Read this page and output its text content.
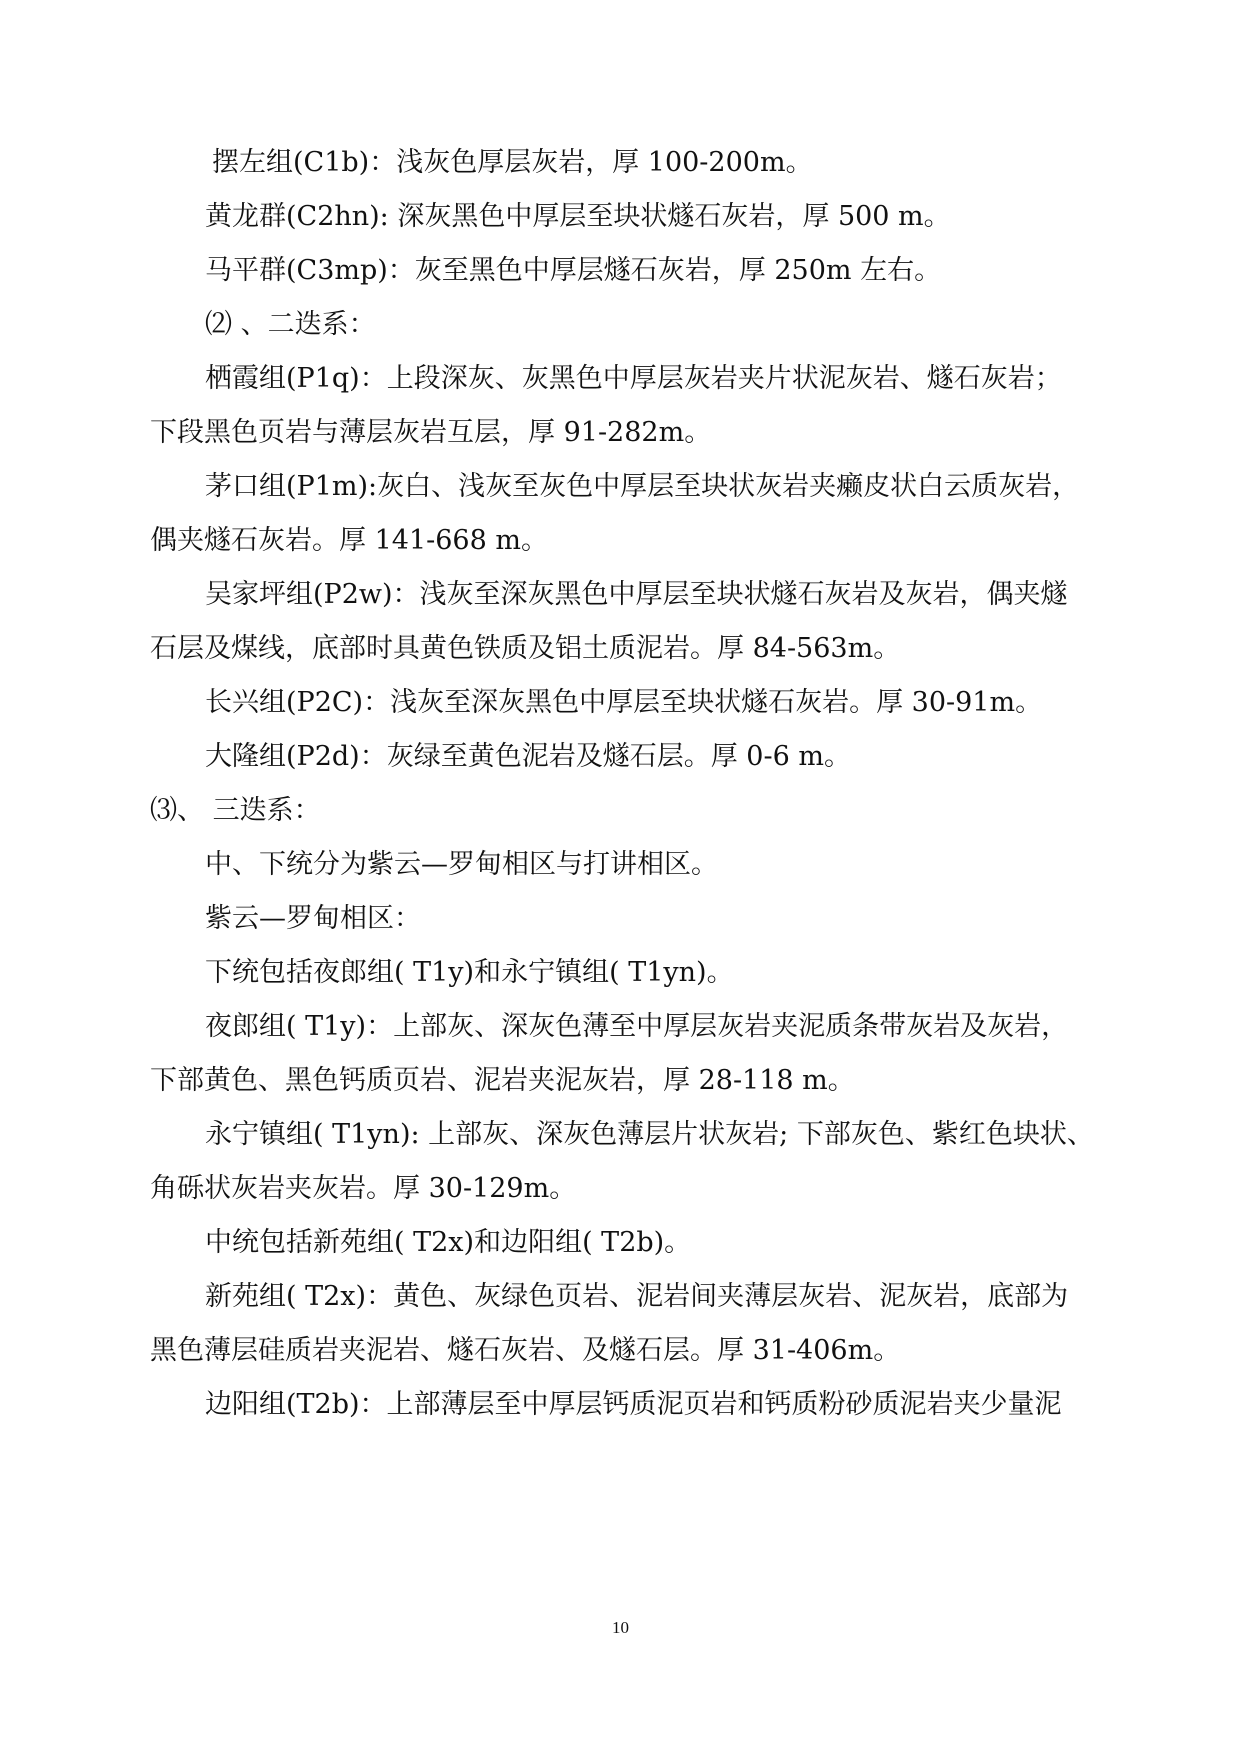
摆左组(C1b)：浅灰色厚层灰岩，厚 100-200m。
黄龙群(C2hn): 深灰黑色中厚层至块状燧石灰岩，厚 500 m。
马平群(C3mp)：灰至黑色中厚层燧石灰岩，厚 250m 左右。
⑵ 、二迭系：
栖霞组(P1q)：上段深灰、灰黑色中厚层灰岩夹片状泥灰岩、燧石灰岩；
下段黑色页岩与薄层灰岩互层，厚 91-282m。
茅口组(P1m):灰白、浅灰至灰色中厚层至块状灰岩夹癞皮状白云质灰岩，
偶夹燧石灰岩。厚 141-668 m。
吴家坪组(P2w)：浅灰至深灰黑色中厚层至块状燧石灰岩及灰岩，偶夹燧
石层及煤线，底部时具黄色铁质及铝土质泥岩。厚 84-563m。
长兴组(P2C)：浅灰至深灰黑色中厚层至块状燧石灰岩。厚 30-91m。
大隆组(P2d)：灰绿至黄色泥岩及燧石层。厚 0-6 m。
⑶、 三迭系：
中、下统分为紫云—罗甸相区与打讲相区。
紫云—罗甸相区：
下统包括夜郎组( T1y)和永宁镇组( T1yn)。
夜郎组( T1y)：上部灰、深灰色薄至中厚层灰岩夹泥质条带灰岩及灰岩，
下部黄色、黑色钙质页岩、泥岩夹泥灰岩，厚 28-118 m。
永宁镇组( T1yn): 上部灰、深灰色薄层片状灰岩; 下部灰色、紫红色块状、
角砾状灰岩夹灰岩。厚 30-129m。
中统包括新苑组( T2x)和边阳组( T2b)。
新苑组( T2x)：黄色、灰绿色页岩、泥岩间夹薄层灰岩、泥灰岩，底部为
黑色薄层硅质岩夹泥岩、燧石灰岩、及燧石层。厚 31-406m。
边阳组(T2b)：上部薄层至中厚层钙质泥页岩和钙质粉砂质泥岩夹少量泥
10
